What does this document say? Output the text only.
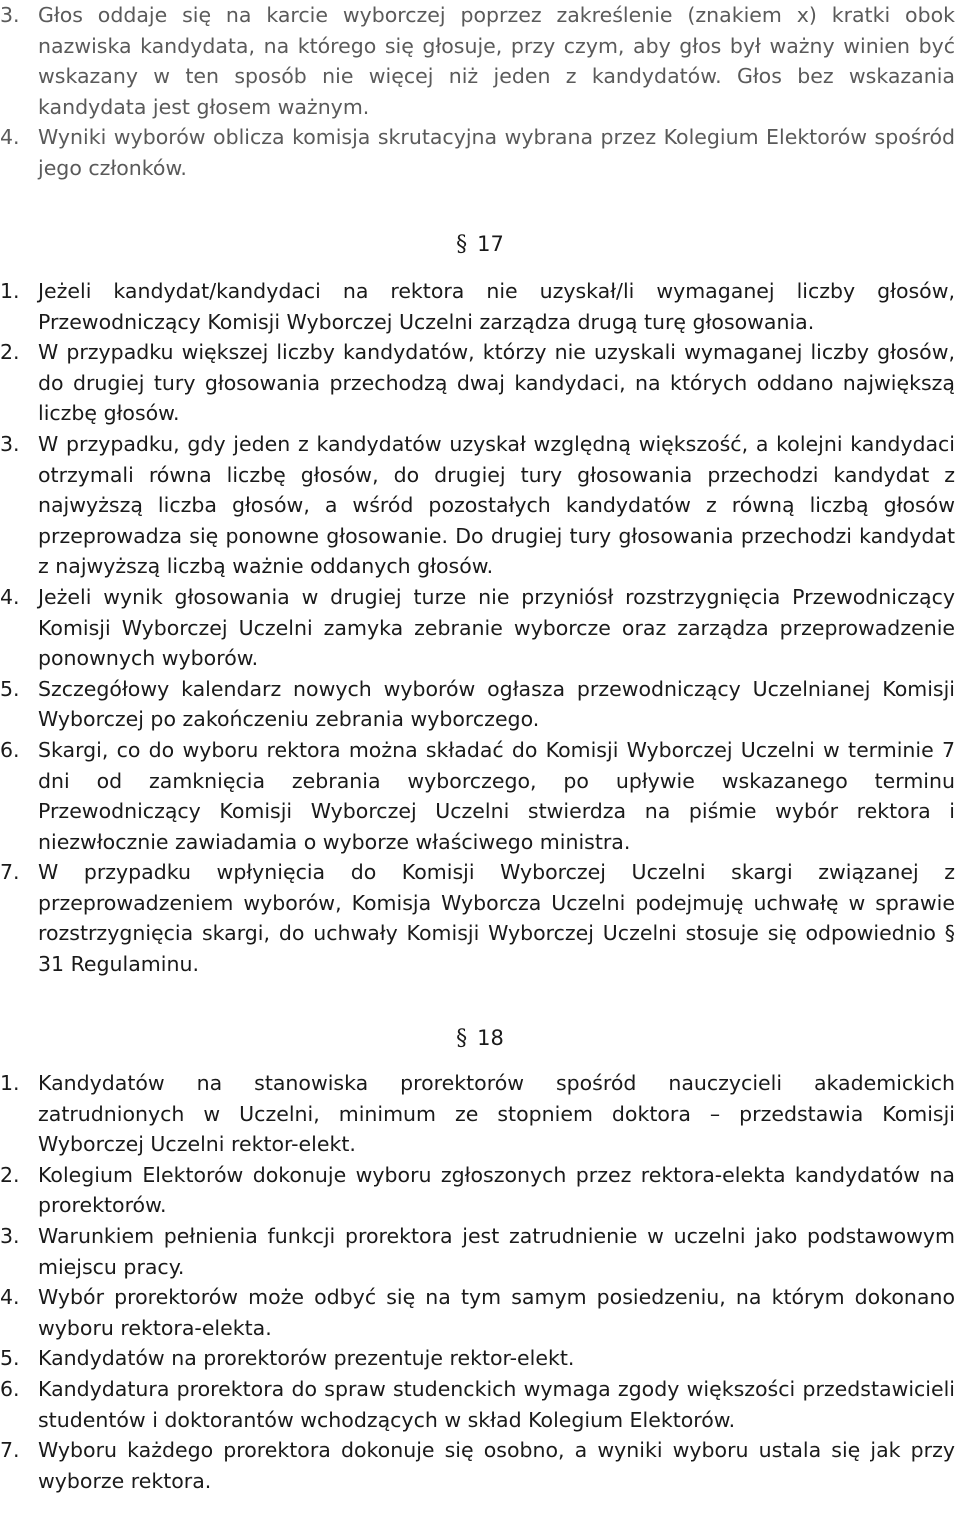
3. Głos oddaje się na karcie wyborczej poprzez zakreślenie (znakiem x) kratki obok nazwiska kandydata, na którego się głosuje, przy czym, aby głos był ważny winien być wskazany w ten sposób nie więcej niż jeden z kandydatów. Głos bez wskazania kandydata jest głosem ważnym.
4. Wyniki wyborów oblicza komisja skrutacyjna wybrana przez Kolegium Elektorów spośród jego członków.
§ 17
1. Jeżeli kandydat/kandydaci na rektora nie uzyskał/li wymaganej liczby głosów, Przewodniczący Komisji Wyborczej Uczelni zarządza drugą turę głosowania.
2. W przypadku większej liczby kandydatów, którzy nie uzyskali wymaganej liczby głosów, do drugiej tury głosowania przechodzą dwaj kandydaci, na których oddano największą liczbę głosów.
3. W przypadku, gdy jeden z kandydatów uzyskał względną większość, a kolejni kandydaci otrzymali równa liczbę głosów, do drugiej tury głosowania przechodzi kandydat z najwyższą liczba głosów, a wśród pozostałych kandydatów z równą liczbą głosów przeprowadza się ponowne głosowanie. Do drugiej tury głosowania przechodzi kandydat z najwyższą liczbą ważnie oddanych głosów.
4. Jeżeli wynik głosowania w drugiej turze nie przyniósł rozstrzygnięcia Przewodniczący Komisji Wyborczej Uczelni zamyka zebranie wyborcze oraz zarządza przeprowadzenie ponownych wyborów.
5. Szczegółowy kalendarz nowych wyborów ogłasza przewodniczący Uczelnianej Komisji Wyborczej po zakończeniu zebrania wyborczego.
6. Skargi, co do wyboru rektora można składać do Komisji Wyborczej Uczelni w terminie 7 dni od zamknięcia zebrania wyborczego, po upływie wskazanego terminu Przewodniczący Komisji Wyborczej Uczelni stwierdza na piśmie wybór rektora i niezwłocznie zawiadamia o wyborze właściwego ministra.
7. W przypadku wpłynięcia do Komisji Wyborczej Uczelni skargi związanej z przeprowadzeniem wyborów, Komisja Wyborcza Uczelni podejmuję uchwałę w sprawie rozstrzygnięcia skargi, do uchwały Komisji Wyborczej Uczelni stosuje się odpowiednio § 31 Regulaminu.
§ 18
1. Kandydatów na stanowiska prorektorów spośród nauczycieli akademickich zatrudnionych w Uczelni, minimum ze stopniem doktora – przedstawia Komisji Wyborczej Uczelni rektor-elekt.
2. Kolegium Elektorów dokonuje wyboru zgłoszonych przez rektora-elekta kandydatów na prorektorów.
3. Warunkiem pełnienia funkcji prorektora jest zatrudnienie w uczelni jako podstawowym miejscu pracy.
4. Wybór prorektorów może odbyć się na tym samym posiedzeniu, na którym dokonano wyboru rektora-elekta.
5. Kandydatów na prorektorów prezentuje rektor-elekt.
6. Kandydatura prorektora do spraw studenckich wymaga zgody większości przedstawicieli studentów i doktorantów wchodzących w skład Kolegium Elektorów.
7. Wyboru każdego prorektora dokonuje się osobno, a wyniki wyboru ustala się jak przy wyborze rektora.
